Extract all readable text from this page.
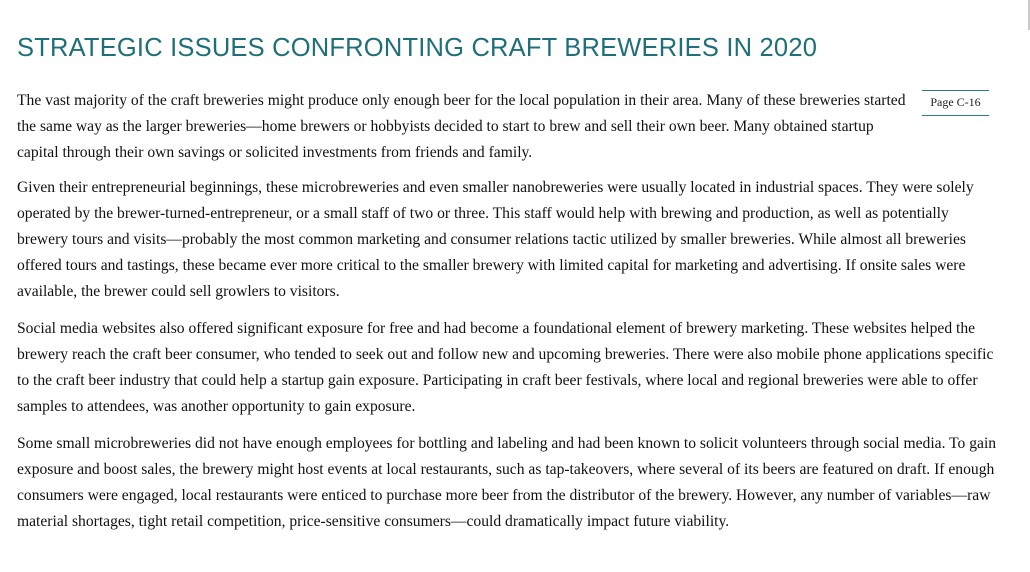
STRATEGIC ISSUES CONFRONTING CRAFT BREWERIES IN 2020
Page C-16

The vast majority of the craft breweries might produce only enough beer for the local population in their area. Many of these breweries started the same way as the larger breweries—home brewers or hobbyists decided to start to brew and sell their own beer. Many obtained startup capital through their own savings or solicited investments from friends and family.

Given their entrepreneurial beginnings, these microbreweries and even smaller nanobreweries were usually located in industrial spaces. They were solely operated by the brewer-turned-entrepreneur, or a small staff of two or three. This staff would help with brewing and production, as well as potentially brewery tours and visits—probably the most common marketing and consumer relations tactic utilized by smaller breweries. While almost all breweries offered tours and tastings, these became ever more critical to the smaller brewery with limited capital for marketing and advertising. If onsite sales were available, the brewer could sell growlers to visitors.

Social media websites also offered significant exposure for free and had become a foundational element of brewery marketing. These websites helped the brewery reach the craft beer consumer, who tended to seek out and follow new and upcoming breweries. There were also mobile phone applications specific to the craft beer industry that could help a startup gain exposure. Participating in craft beer festivals, where local and regional breweries were able to offer samples to attendees, was another opportunity to gain exposure.

Some small microbreweries did not have enough employees for bottling and labeling and had been known to solicit volunteers through social media. To gain exposure and boost sales, the brewery might host events at local restaurants, such as tap-takeovers, where several of its beers are featured on draft. If enough consumers were engaged, local restaurants were enticed to purchase more beer from the distributor of the brewery. However, any number of variables—raw material shortages, tight retail competition, price-sensitive consumers—could dramatically impact future viability.
